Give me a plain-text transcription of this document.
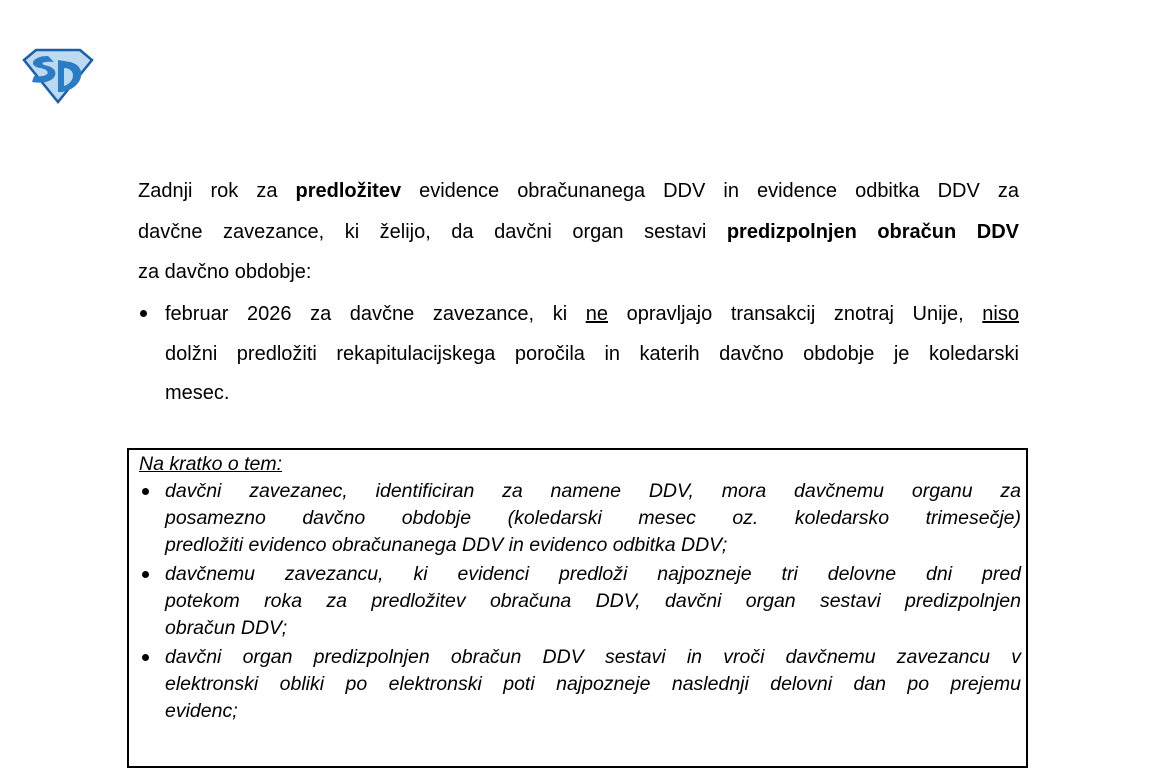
Zadnji rok za predložitev evidence obračunanega DDV in evidence odbitka DDV za
davčne zavezance, ki želijo, da davčni organ sestavi predizpolnjen obračun DDV
za davčno obdobje:
februar 2026 za davčne zavezance, ki ne opravljajo transakcij znotraj Unije, niso
dolžni predložiti rekapitulacijskega poročila in katerih davčno obdobje je koledarski
mesec.
Na kratko o tem:
davčni zavezanec, identificiran za namene DDV, mora davčnemu organu za
posamezno davčno obdobje (koledarski mesec oz. koledarsko trimesečje)
predložiti evidenco obračunanega DDV in evidenco odbitka DDV;
davčnemu zavezancu, ki evidenci predloži najpozneje tri delovne dni pred
potekom roka za predložitev obračuna DDV, davčni organ sestavi predizpolnjen
obračun DDV;
davčni organ predizpolnjen obračun DDV sestavi in vroči davčnemu zavezancu v
elektronski obliki po elektronski poti najpozneje naslednji delovni dan po prejemu
evidenc;
